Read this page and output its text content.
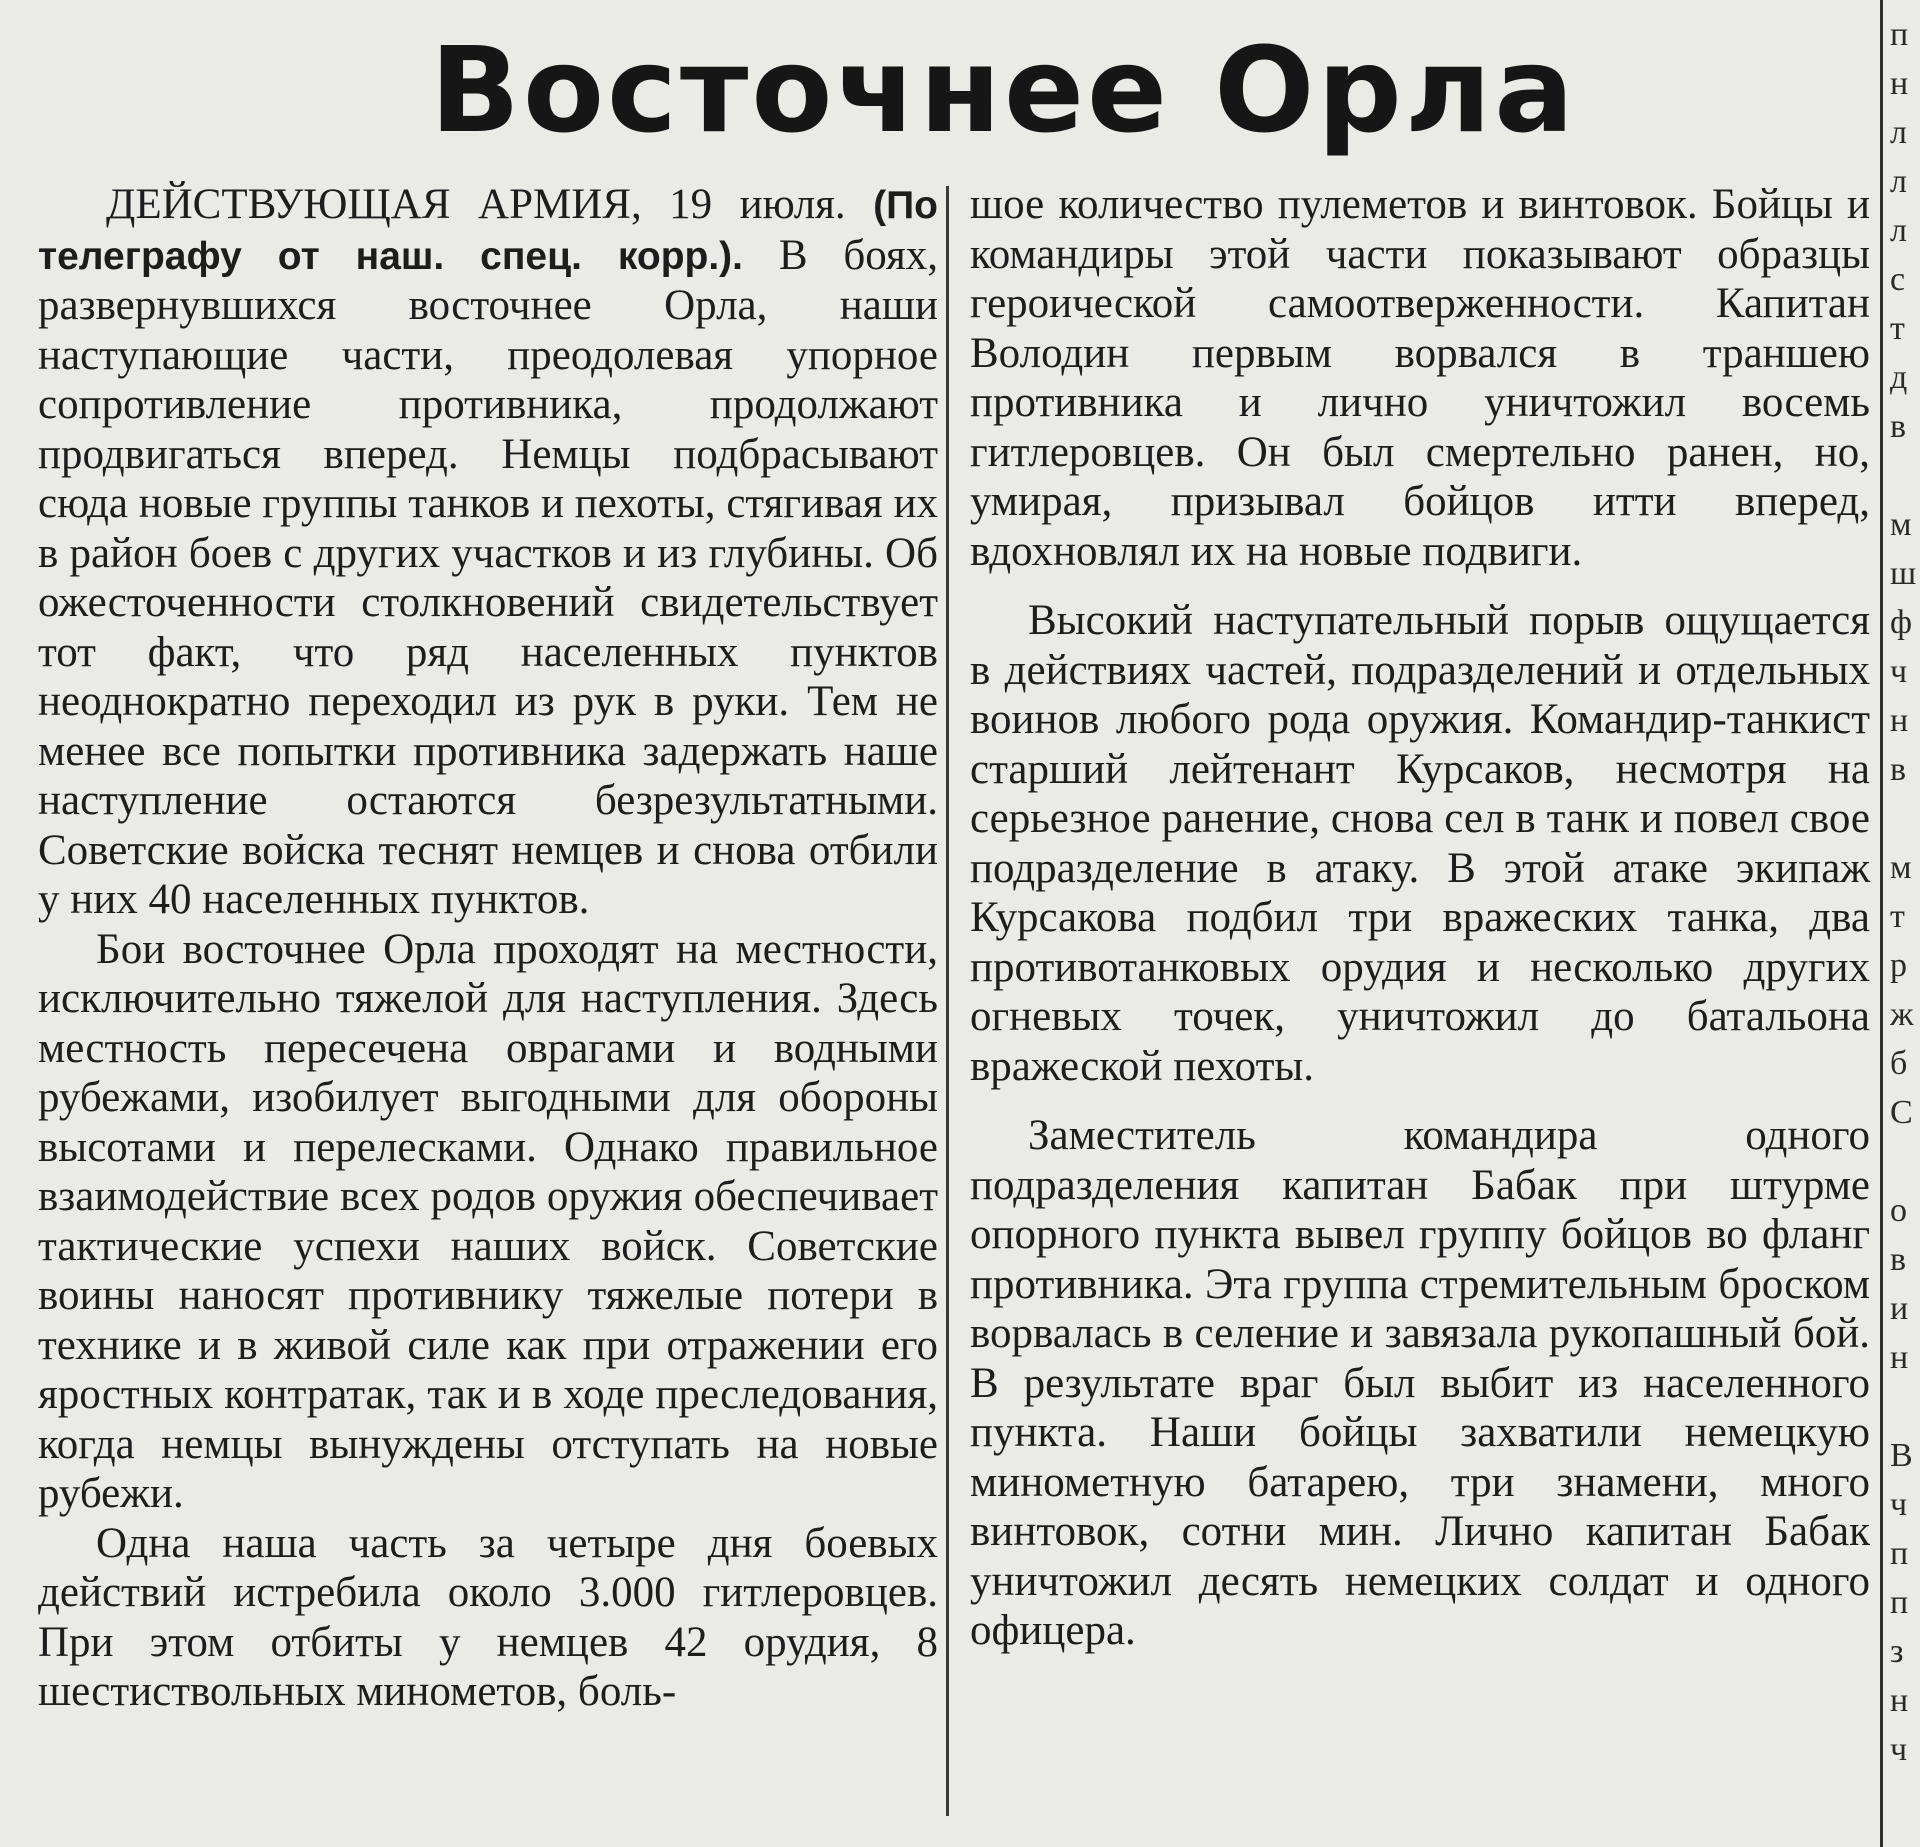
Восточнее Орла

ДЕЙСТВУЮЩАЯ АРМИЯ, 19 июля. (По телеграфу от наш. спец. корр.). В боях, развернувшихся восточнее Орла, наши наступающие части, преодолевая упорное сопротивление противника, продолжают продвигаться вперед. Немцы подбрасывают сюда новые группы танков и пехоты, стягивая их в район боев с других участков и из глубины. Об ожесточенности столкновений свидетельствует тот факт, что ряд населенных пунктов неоднократно переходил из рук в руки. Тем не менее все попытки противника задержать наше наступление остаются безрезультатными. Советские войска теснят немцев и снова отбили у них 40 населенных пунктов.

Бои восточнее Орла проходят на местности, исключительно тяжелой для наступления. Здесь местность пересечена оврагами и водными рубежами, изобилует выгодными для обороны высотами и перелесками. Однако правильное взаимодействие всех родов оружия обеспечивает тактические успехи наших войск. Советские воины наносят противнику тяжелые потери в технике и в живой силе как при отражении его яростных контратак, так и в ходе преследования, когда немцы вынуждены отступать на новые рубежи.

Одна наша часть за четыре дня боевых действий истребила около 3.000 гитлеровцев. При этом отбиты у немцев 42 орудия, 8 шестиствольных минометов, боль-

шое количество пулеметов и винтовок. Бойцы и командиры этой части показывают образцы героической самоотверженности. Капитан Володин первым ворвался в траншею противника и лично уничтожил восемь гитлеровцев. Он был смертельно ранен, но, умирая, призывал бойцов итти вперед, вдохновлял их на новые подвиги.

Высокий наступательный порыв ощущается в действиях частей, подразделений и отдельных воинов любого рода оружия. Командир-танкист старший лейтенант Курсаков, несмотря на серьезное ранение, снова сел в танк и повел свое подразделение в атаку. В этой атаке экипаж Курсакова подбил три вражеских танка, два противотанковых орудия и несколько других огневых точек, уничтожил до батальона вражеской пехоты.

Заместитель командира одного подразделения капитан Бабак при штурме опорного пункта вывел группу бойцов во фланг противника. Эта группа стремительным броском ворвалась в селение и завязала рукопашный бой. В результате враг был выбит из населенного пункта. Наши бойцы захватили немецкую минометную батарею, три знамени, много винтовок, сотни мин. Лично капитан Бабак уничтожил десять немецких солдат и одного офицера.

п
н
л
л
л
с
т
д
в
м
ш
ф
ч
н
в
м
т
р
ж
б
С
о
в
и
н
В
ч
п
п
з
н
ч
